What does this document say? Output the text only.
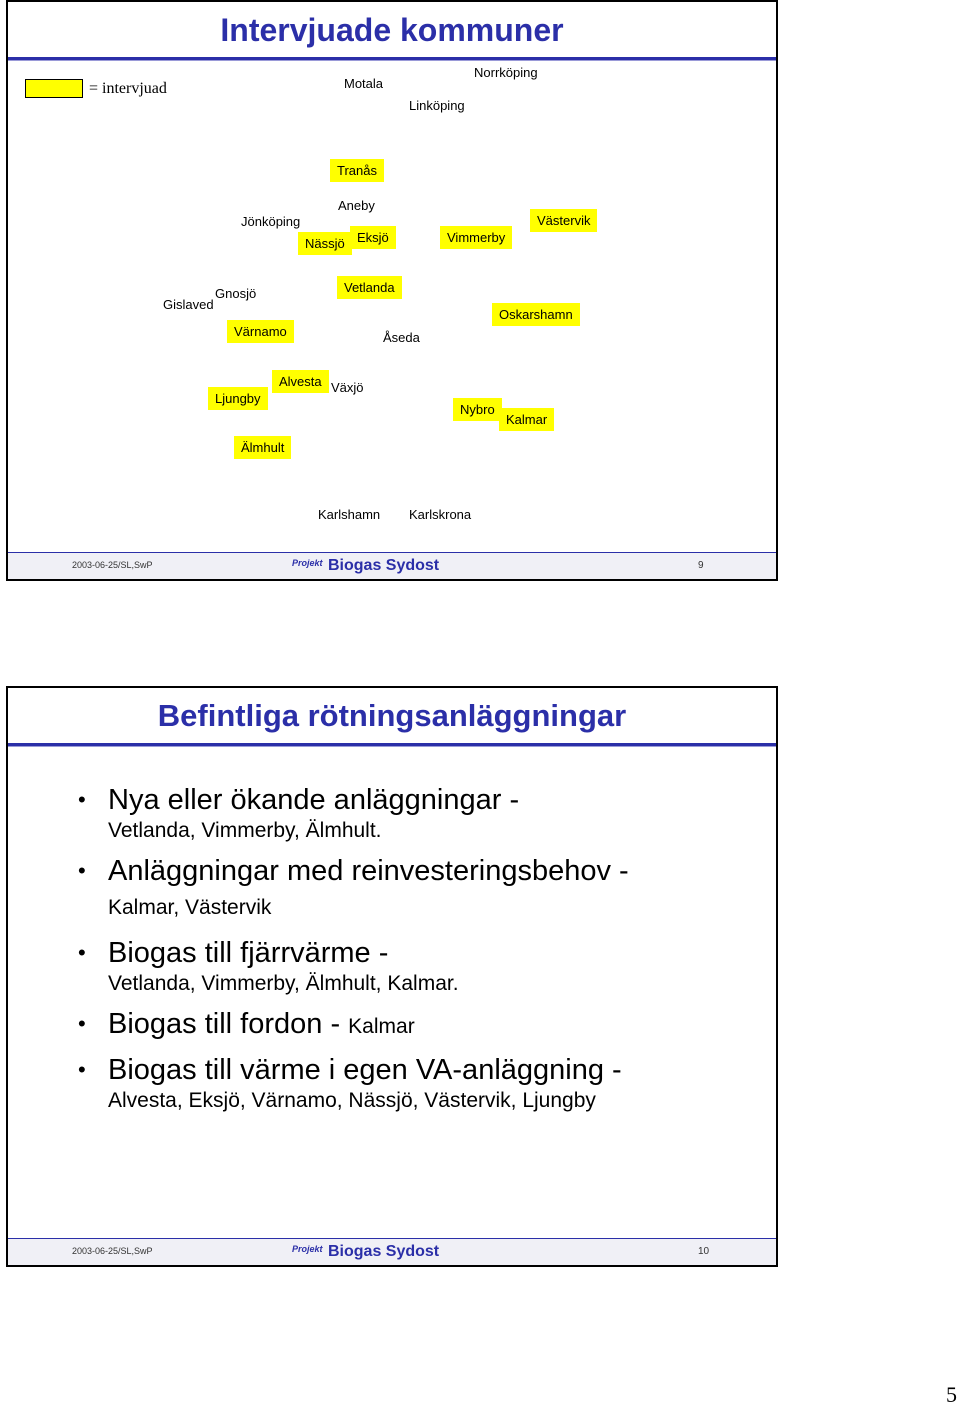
Intervjuade kommuner
= intervjuad	Motala
Norrköping
Linköping
Tranås
Aneby
Jönköping
Nässjö Eksjö	Vimmerby
Västervik
Gnosjö
Gislaved
Vetlanda
Oskarshamn
Värnamo	Åseda
Alvesta Växjö
Ljungby
Nybro
Kalmar
Älmhult
Karlshamn Karlskrona
2003-06-25/SL,SwP	Projekt Biogas Sydost	9
Befintliga rötningsanläggningar
• Nya eller ökande anläggningar -
Vetlanda, Vimmerby, Älmhult.
• Anläggningar med reinvesteringsbehov -
Kalmar, Västervik
• Biogas till fjärrvärme -
Vetlanda, Vimmerby, Älmhult, Kalmar.
• Biogas till fordon - Kalmar
• Biogas till värme i egen VA-anläggning -
Alvesta, Eksjö, Värnamo, Nässjö, Västervik, Ljungby
2003-06-25/SL,SwP	Projekt Biogas Sydost	10
5
